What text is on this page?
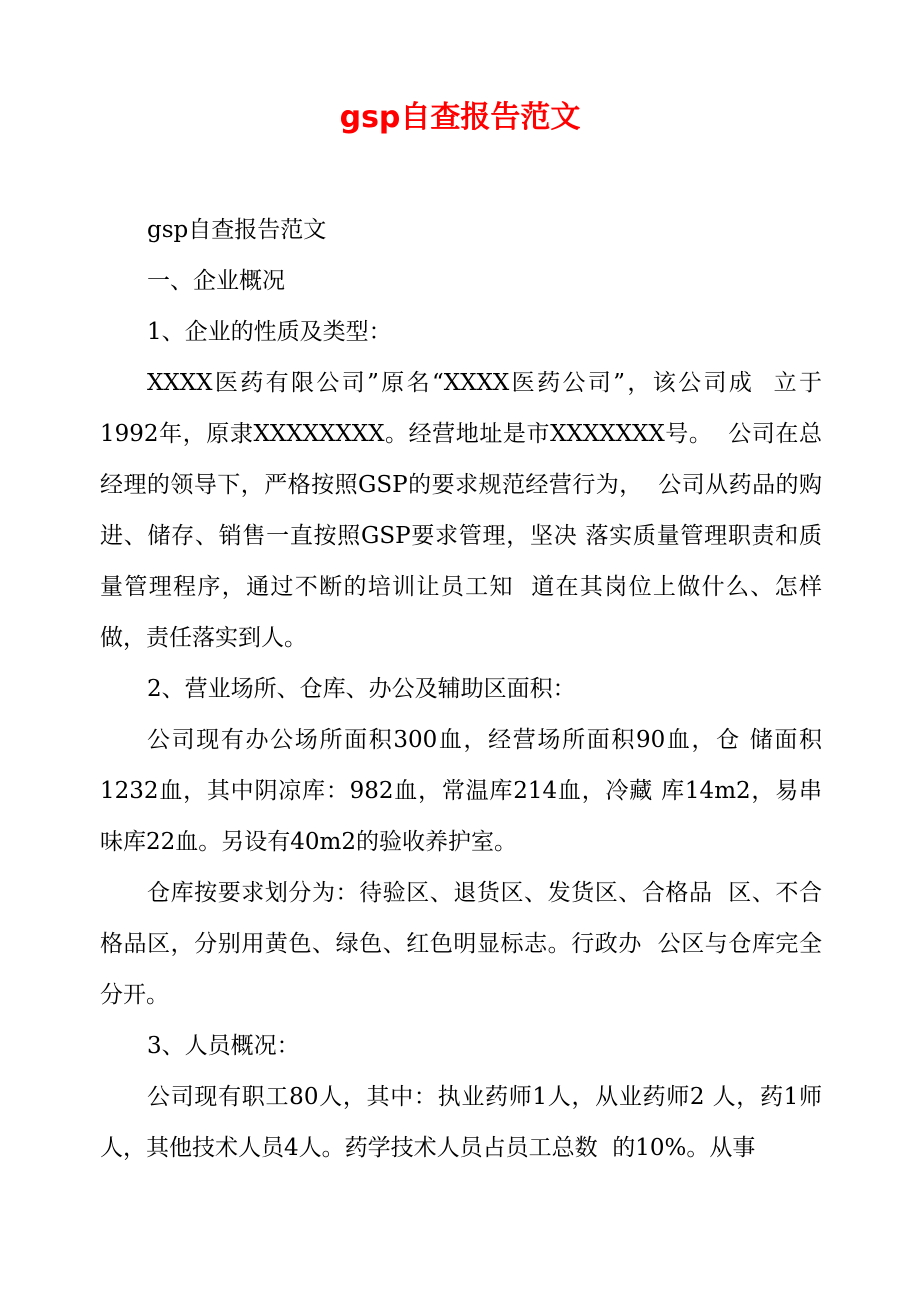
gsp自查报告范文

gsp自查报告范文

一、企业概况

1、企业的性质及类型：

XXXX医药有限公司”原名“XXXX医药公司”，该公司成  立于1992年，原隶XXXXXXXX。经营地址是市XXXXXXX号。  公司在总经理的领导下，严格按照GSP的要求规范经营行为，  公司从药品的购进、储存、销售一直按照GSP要求管理，坚决 落实质量管理职责和质量管理程序，通过不断的培训让员工知  道在其岗位上做什么、怎样做，责任落实到人。

2、营业场所、仓库、办公及辅助区面积：

公司现有办公场所面积300血，经营场所面积90血，仓 储面积1232血，其中阴凉库：982血，常温库214血，冷藏 库14m2，易串味库22血。另设有40m2的验收养护室。

仓库按要求划分为：待验区、退货区、发货区、合格品  区、不合格品区，分别用黄色、绿色、红色明显标志。行政办  公区与仓库完全分开。

3、人员概况：

公司现有职工80人，其中：执业药师1人，从业药师2 人，药1师人，其他技术人员4人。药学技术人员占员工总数  的10%。从事
